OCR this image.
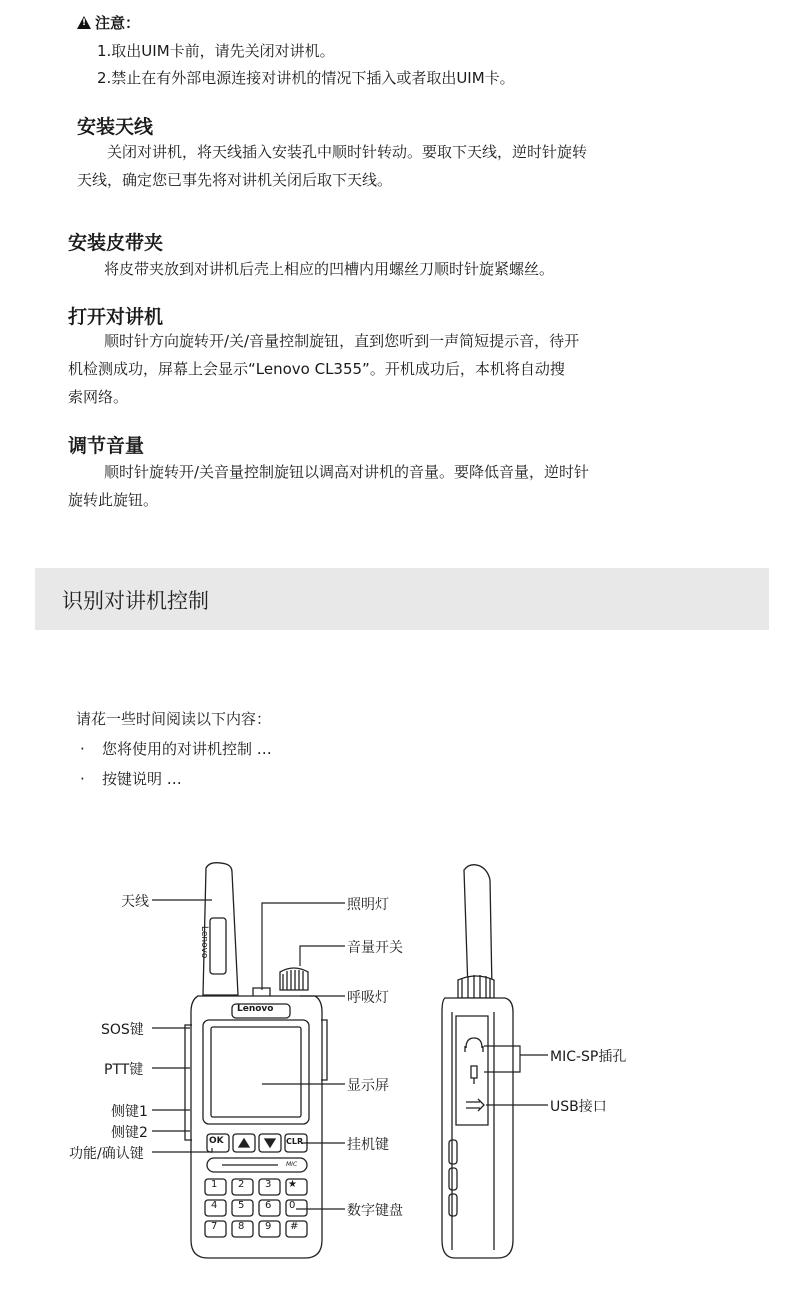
! 注意：
1.取出UIM卡前，请先关闭对讲机。
2.禁止在有外部电源连接对讲机的情况下插入或者取出UIM卡。
安装天线

关闭对讲机，将天线插入安装孔中顺时针转动。要取下天线，逆时针旋转

天线，确定您已事先将对讲机关闭后取下天线。

安装皮带夹

将皮带夹放到对讲机后壳上相应的凹槽内用螺丝刀顺时针旋紧螺丝。

打开对讲机

顺时针方向旋转开/关/音量控制旋钮，直到您听到一声简短提示音，待开

机检测成功，屏幕上会显示“Lenovo CL355”。开机成功后，本机将自动搜

索网络。

调节音量

顺时针旋转开/关音量控制旋钮以调高对讲机的音量。要降低音量，逆时针

旋转此旋钮。

识别对讲机控制
请花一些时间阅读以下内容：
· 您将使用的对讲机控制 …
· 按键说明 …
Lenovo
Lenovo
OK	CLR
MIC
1 2 3 ★
4 5 6 0
7 8 9 #
天线	照明灯
音量开关
呼吸灯
SOS键
PTT键
显示屏
侧键1
侧键2
功能/确认键
挂机键
数字键盘
MIC-SP插孔
USB接口
